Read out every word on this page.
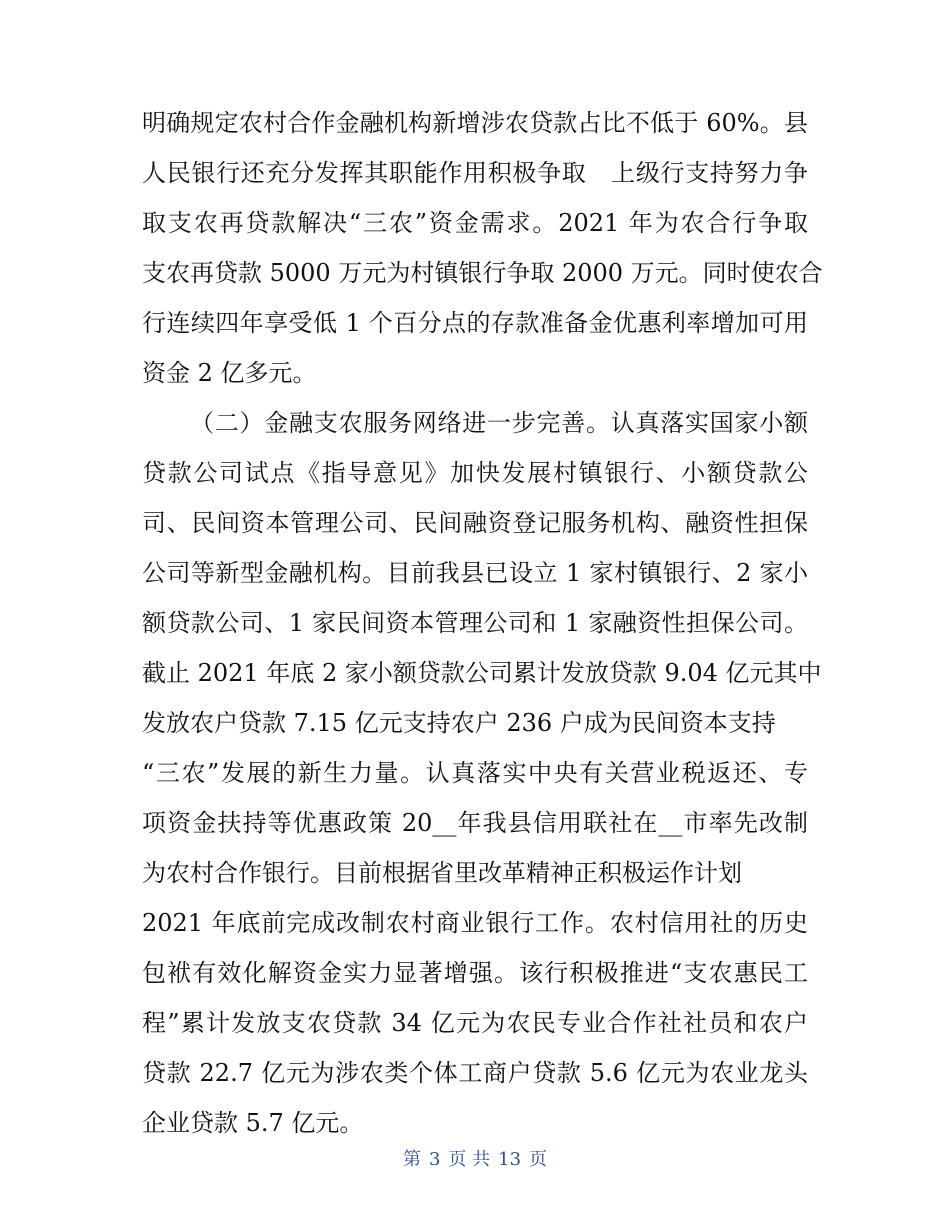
明确规定农村合作金融机构新增涉农贷款占比不低于 60%。县
人民银行还充分发挥其职能作用积极争取　上级行支持努力争
取支农再贷款解决“三农”资金需求。2021 年为农合行争取
支农再贷款 5000 万元为村镇银行争取 2000 万元。同时使农合
行连续四年享受低 1 个百分点的存款准备金优惠利率增加可用
资金 2 亿多元。
（二）金融支农服务网络进一步完善。认真落实国家小额
贷款公司试点《指导意见》加快发展村镇银行、小额贷款公
司、民间资本管理公司、民间融资登记服务机构、融资性担保
公司等新型金融机构。目前我县已设立 1 家村镇银行、2 家小
额贷款公司、1 家民间资本管理公司和 1 家融资性担保公司。
截止 2021 年底 2 家小额贷款公司累计发放贷款 9.04 亿元其中
发放农户贷款 7.15 亿元支持农户 236 户成为民间资本支持
“三农”发展的新生力量。认真落实中央有关营业税返还、专
项资金扶持等优惠政策 20__年我县信用联社在__市率先改制
为农村合作银行。目前根据省里改革精神正积极运作计划
2021 年底前完成改制农村商业银行工作。农村信用社的历史
包袱有效化解资金实力显著增强。该行积极推进“支农惠民工
程”累计发放支农贷款 34 亿元为农民专业合作社社员和农户
贷款 22.7 亿元为涉农类个体工商户贷款 5.6 亿元为农业龙头
企业贷款 5.7 亿元。
第 3 页 共 13 页
